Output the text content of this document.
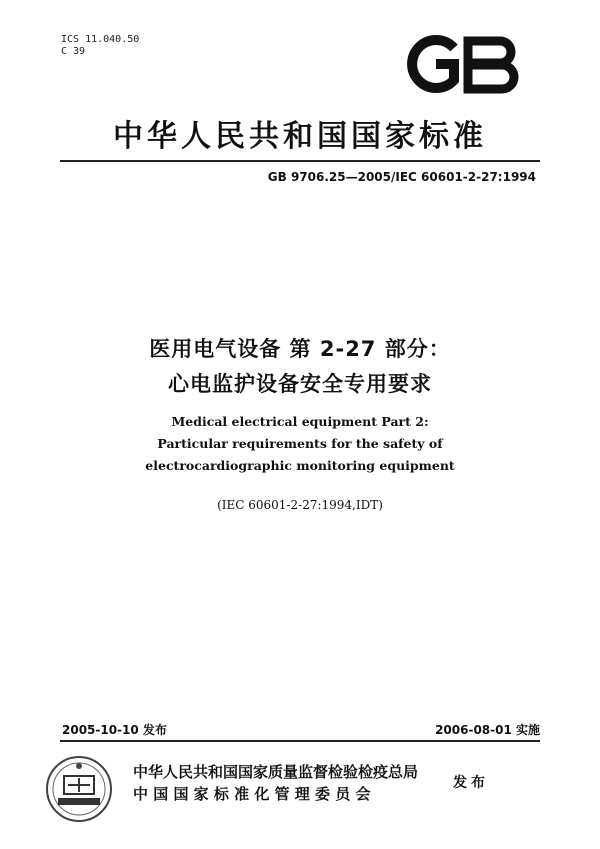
ICS 11.040.50
C 39
GB
中华人民共和国国家标准
GB 9706.25—2005/IEC 60601-2-27:1994
医用电气设备 第 2-27 部分：
心电监护设备安全专用要求
Medical electrical equipment Part 2:
Particular requirements for the safety of
electrocardiographic monitoring equipment
(IEC 60601-2-27:1994,IDT)
2005-10-10 发布	2006-08-01 实施
中华人民共和国国家质量监督检验检疫总局
中 国 国 家 标 准 化 管 理 委 员 会
发布
